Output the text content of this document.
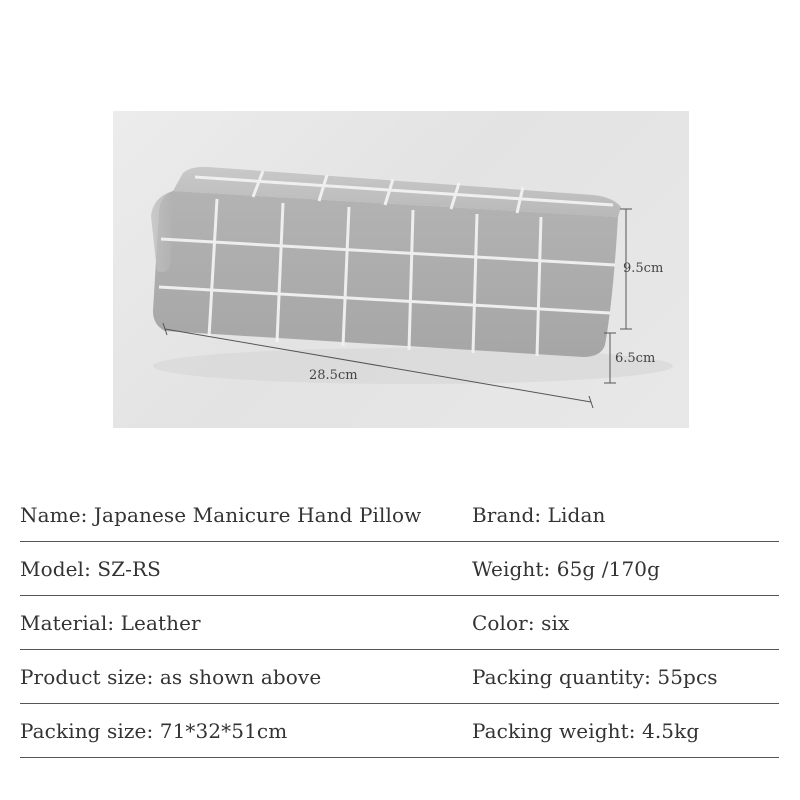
28.5cm
9.5cm
6.5cm
Name: Japanese Manicure Hand Pillow	Brand: Lidan
Model: SZ-RS	Weight: 65g /170g
Material: Leather	Color: six
Product size: as shown above	Packing quantity: 55pcs
Packing size: 71*32*51cm	Packing weight: 4.5kg
